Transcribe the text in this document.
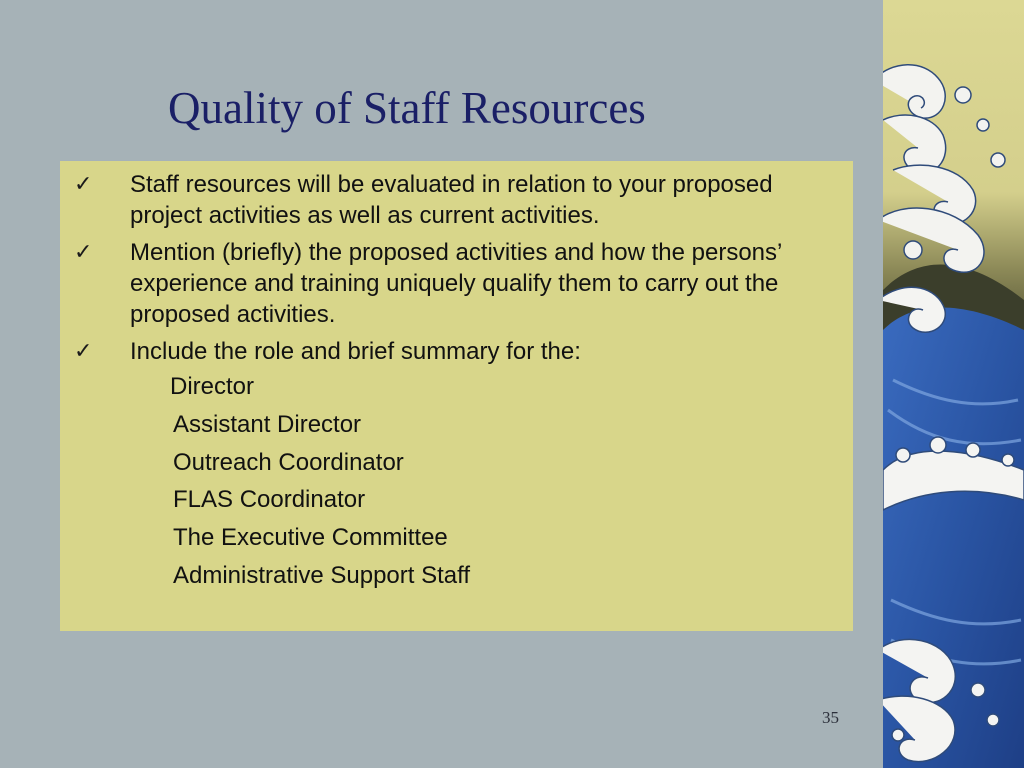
Quality of Staff Resources
✓ Staff resources will be evaluated in relation to your proposed project activities as well as current activities.
✓ Mention (briefly) the proposed activities and how the persons’ experience and training uniquely qualify them to carry out the proposed activities.
✓ Include the role and brief summary for the:
Director
Assistant Director
Outreach Coordinator
FLAS Coordinator
The Executive Committee
Administrative Support Staff
35
